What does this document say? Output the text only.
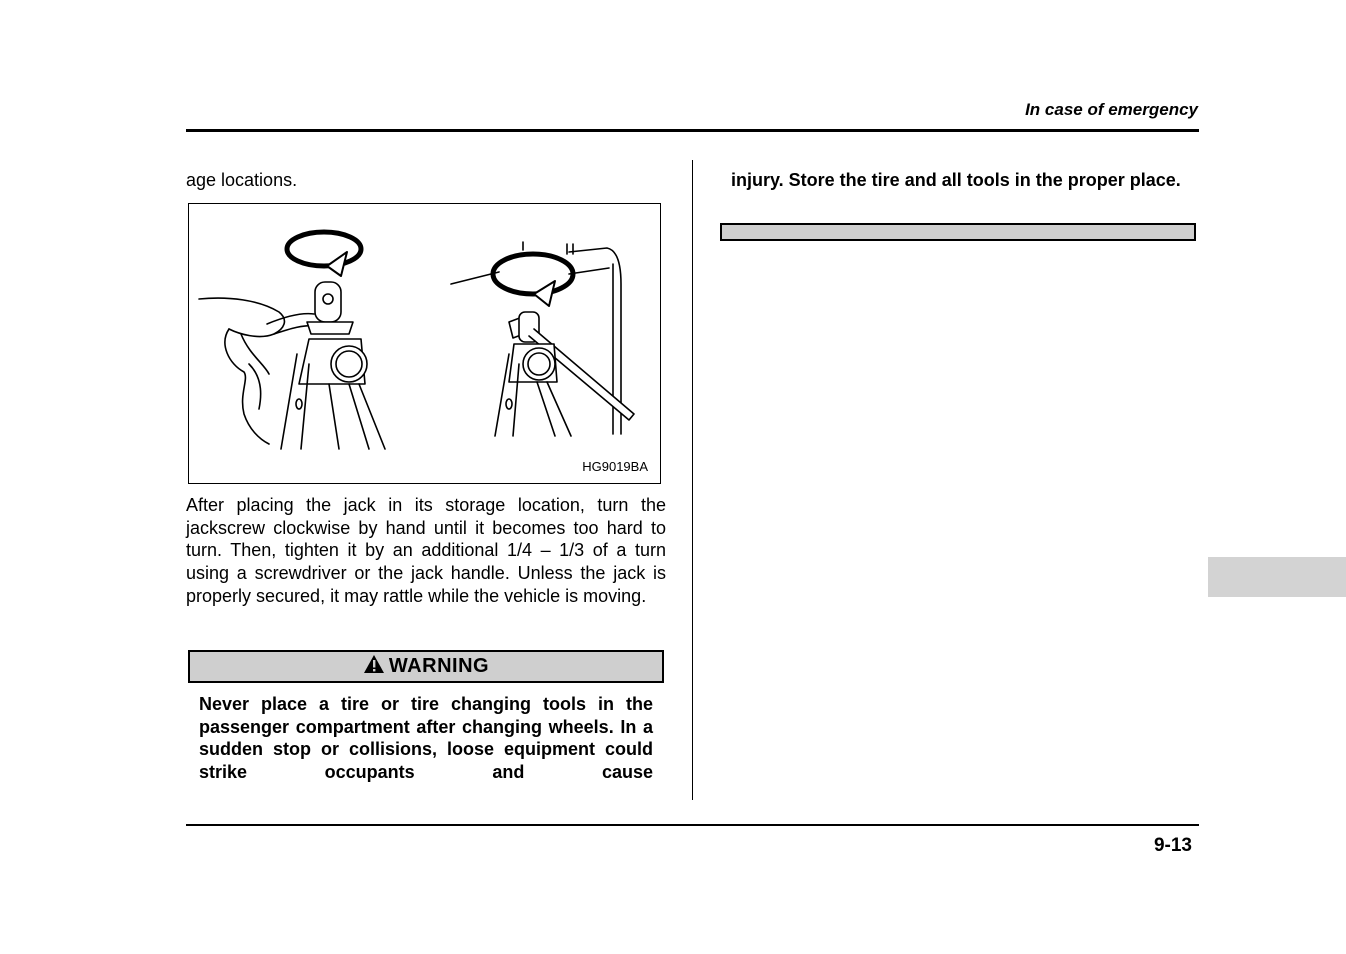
In case of emergency

age locations.

HG9019BA

After placing the jack in its storage location, turn the jackscrew clockwise by hand until it becomes too hard to turn. Then, tighten it by an additional 1/4 – 1/3 of a turn using a screwdriver or the jack handle. Unless the jack is properly secured, it may rattle while the vehicle is moving.

WARNING

Never place a tire or tire changing tools in the passenger compartment after changing wheels. In a sudden stop or collisions, loose equipment could strike occupants and cause

injury. Store the tire and all tools in the proper place.

9-13
